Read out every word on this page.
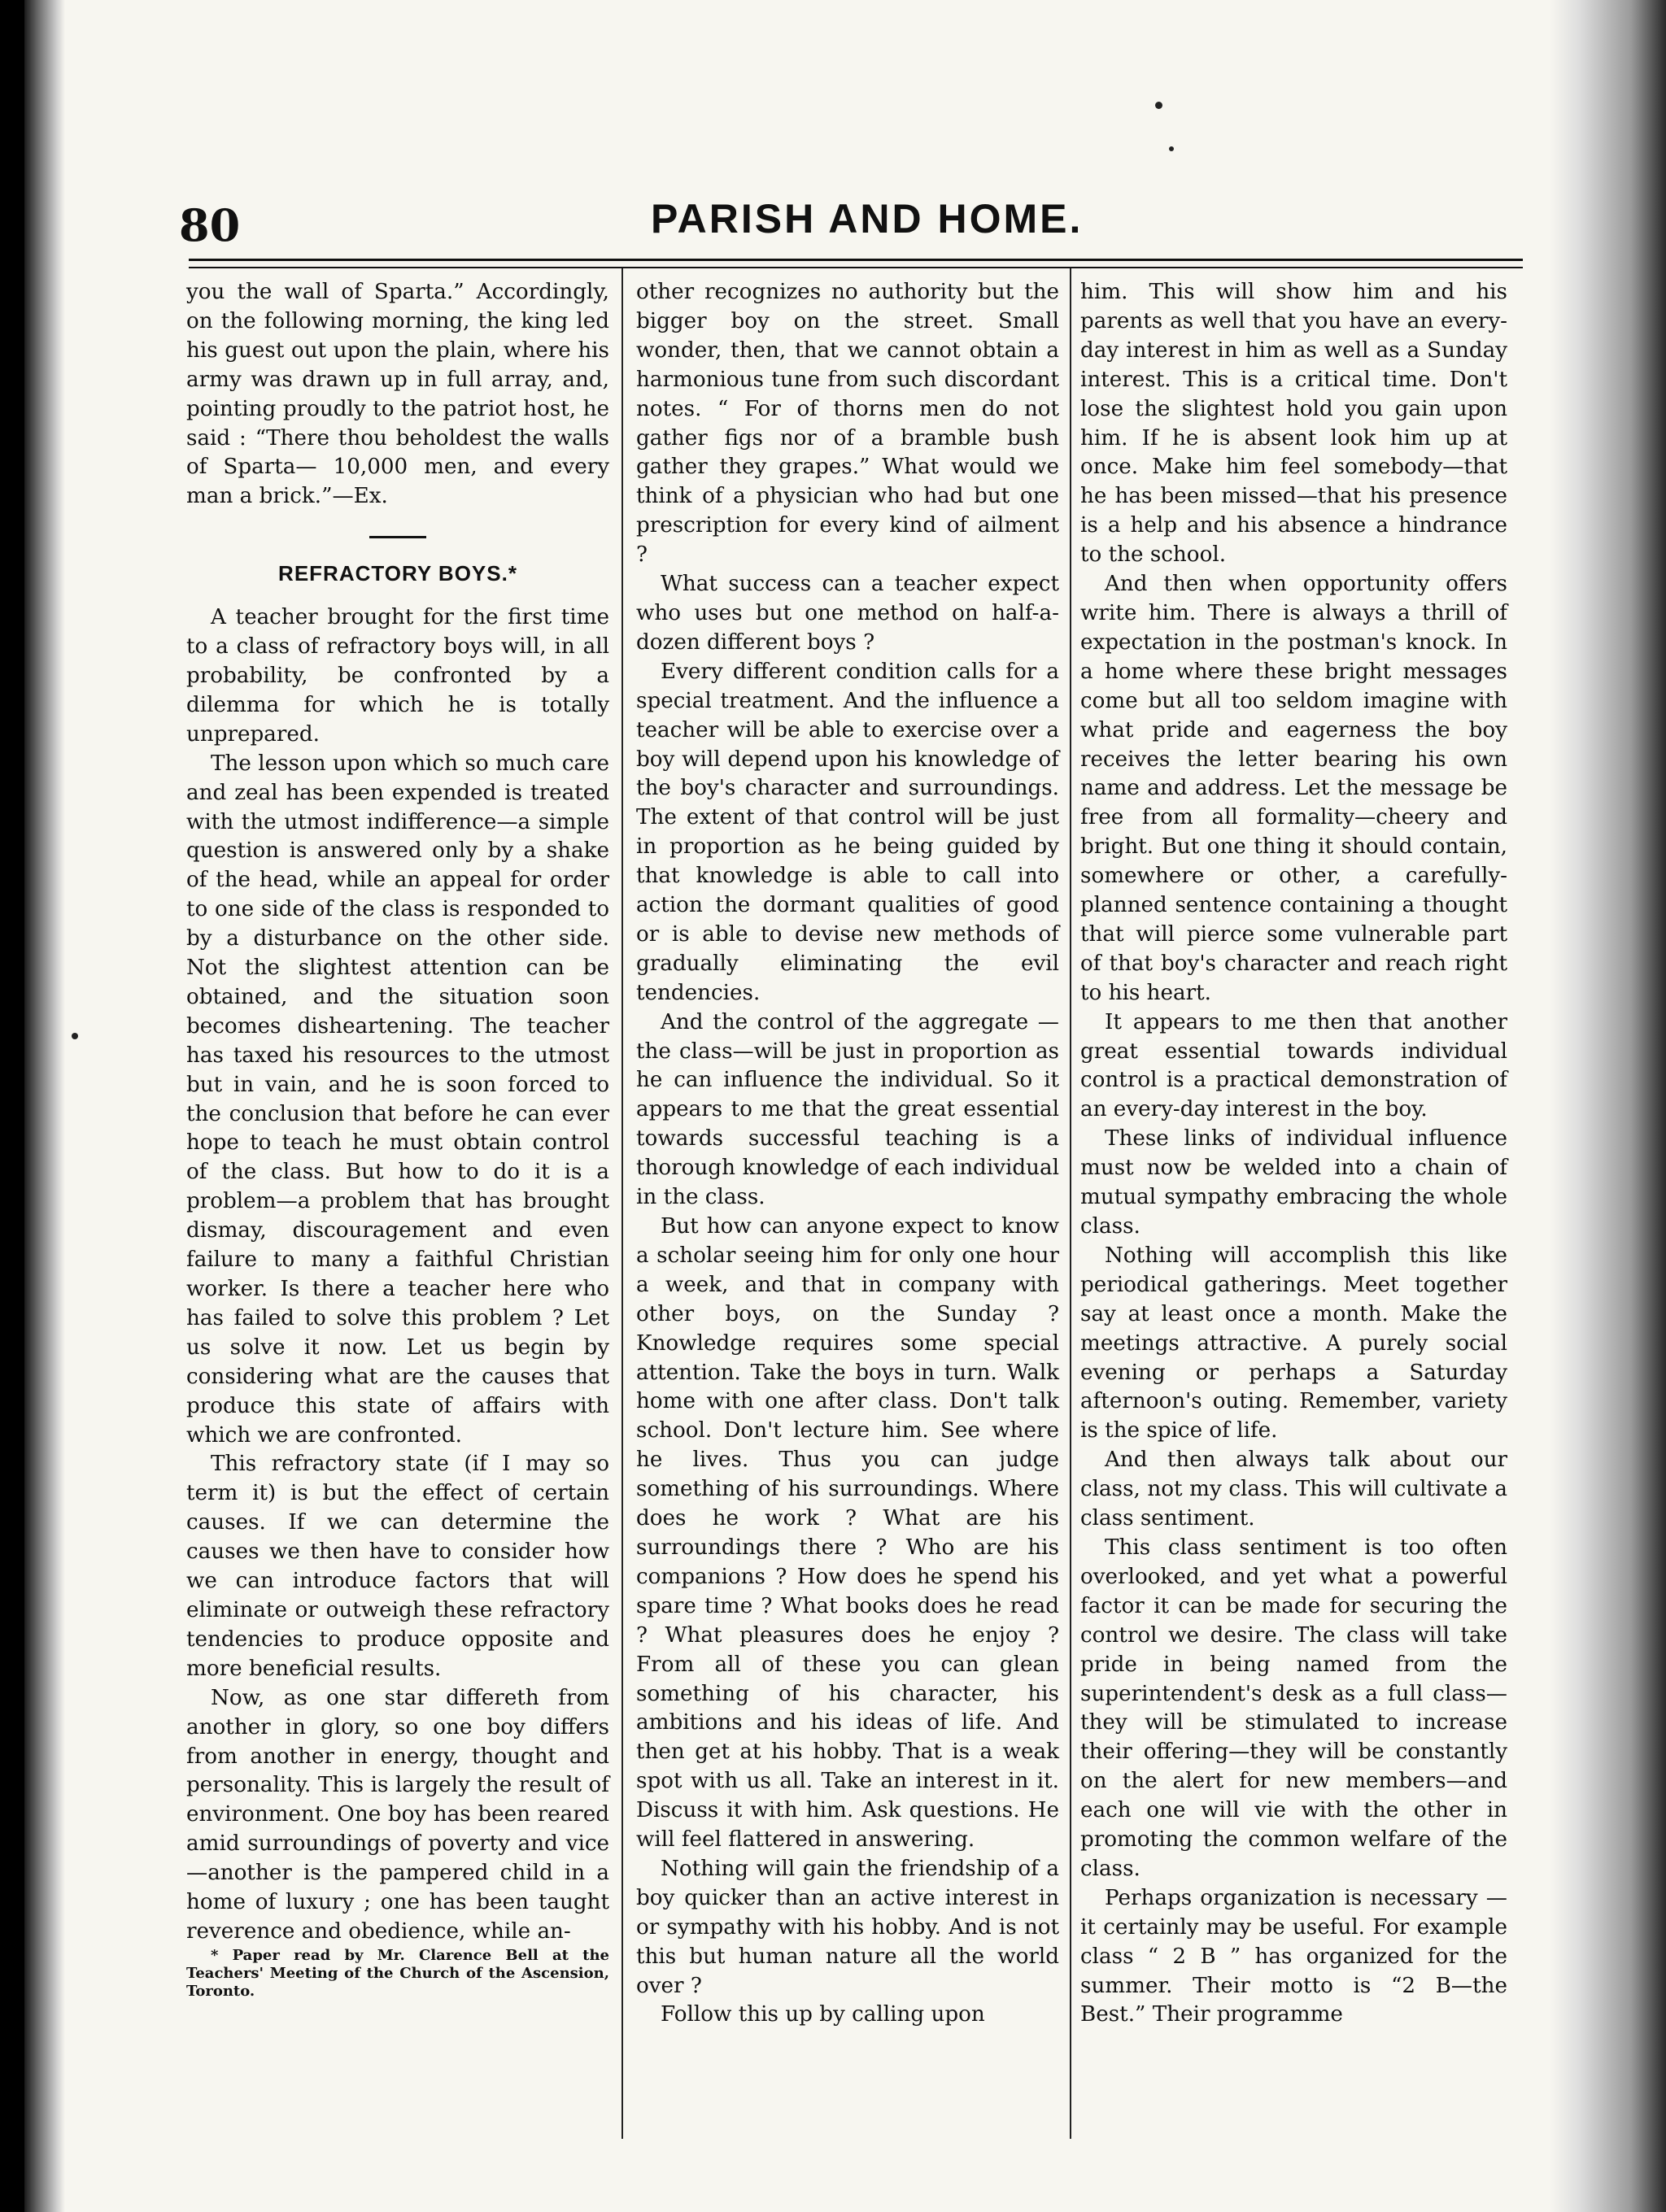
80	PARISH AND HOME.

you the wall of Sparta.” Accordingly, on the following morning, the king led his guest out upon the plain, where his army was drawn up in full array, and, pointing proudly to the patriot host, he said : “There thou beholdest the walls of Sparta— 10,000 men, and every man a brick.”—Ex.

REFRACTORY BOYS.*

A teacher brought for the first time to a class of refractory boys will, in all probability, be confronted by a dilemma for which he is totally unprepared.

The lesson upon which so much care and zeal has been expended is treated with the utmost indifference—a simple question is answered only by a shake of the head, while an appeal for order to one side of the class is responded to by a disturbance on the other side. Not the slightest attention can be obtained, and the situation soon becomes disheartening. The teacher has taxed his resources to the utmost but in vain, and he is soon forced to the conclusion that before he can ever hope to teach he must obtain control of the class. But how to do it is a problem—a problem that has brought dismay, discouragement and even failure to many a faithful Christian worker. Is there a teacher here who has failed to solve this problem ? Let us solve it now. Let us begin by considering what are the causes that produce this state of affairs with which we are confronted.

This refractory state (if I may so term it) is but the effect of certain causes. If we can determine the causes we then have to consider how we can introduce factors that will eliminate or outweigh these refractory tendencies to produce opposite and more beneficial results.

Now, as one star differeth from another in glory, so one boy differs from another in energy, thought and personality. This is largely the result of environment. One boy has been reared amid surroundings of poverty and vice—another is the pampered child in a home of luxury ; one has been taught reverence and obedience, while an-

* Paper read by Mr. Clarence Bell at the Teachers' Meeting of the Church of the Ascension, Toronto.

other recognizes no authority but the bigger boy on the street. Small wonder, then, that we cannot obtain a harmonious tune from such discordant notes. “ For of thorns men do not gather figs nor of a bramble bush gather they grapes.” What would we think of a physician who had but one prescription for every kind of ailment ?

What success can a teacher expect who uses but one method on half-a-dozen different boys ?

Every different condition calls for a special treatment. And the influence a teacher will be able to exercise over a boy will depend upon his knowledge of the boy's character and surroundings. The extent of that control will be just in proportion as he being guided by that knowledge is able to call into action the dormant qualities of good or is able to devise new methods of gradually eliminating the evil tendencies.

And the control of the aggregate —the class—will be just in proportion as he can influence the individual. So it appears to me that the great essential towards successful teaching is a thorough knowledge of each individual in the class.

But how can anyone expect to know a scholar seeing him for only one hour a week, and that in company with other boys, on the Sunday ? Knowledge requires some special attention. Take the boys in turn. Walk home with one after class. Don't talk school. Don't lecture him. See where he lives. Thus you can judge something of his surroundings. Where does he work ? What are his surroundings there ? Who are his companions ? How does he spend his spare time ? What books does he read ? What pleasures does he enjoy ? From all of these you can glean something of his character, his ambitions and his ideas of life. And then get at his hobby. That is a weak spot with us all. Take an interest in it. Discuss it with him. Ask questions. He will feel flattered in answering.

Nothing will gain the friendship of a boy quicker than an active interest in or sympathy with his hobby. And is not this but human nature all the world over ?

Follow this up by calling upon

him. This will show him and his parents as well that you have an every-day interest in him as well as a Sunday interest. This is a critical time. Don't lose the slightest hold you gain upon him. If he is absent look him up at once. Make him feel somebody—that he has been missed—that his presence is a help and his absence a hindrance to the school.

And then when opportunity offers write him. There is always a thrill of expectation in the postman's knock. In a home where these bright messages come but all too seldom imagine with what pride and eagerness the boy receives the letter bearing his own name and address. Let the message be free from all formality—cheery and bright. But one thing it should contain, somewhere or other, a carefully-planned sentence containing a thought that will pierce some vulnerable part of that boy's character and reach right to his heart.

It appears to me then that another great essential towards individual control is a practical demonstration of an every-day interest in the boy.

These links of individual influence must now be welded into a chain of mutual sympathy embracing the whole class.

Nothing will accomplish this like periodical gatherings. Meet together say at least once a month. Make the meetings attractive. A purely social evening or perhaps a Saturday afternoon's outing. Remember, variety is the spice of life.

And then always talk about our class, not my class. This will cultivate a class sentiment.

This class sentiment is too often overlooked, and yet what a powerful factor it can be made for securing the control we desire. The class will take pride in being named from the superintendent's desk as a full class—they will be stimulated to increase their offering—they will be constantly on the alert for new members—and each one will vie with the other in promoting the common welfare of the class.

Perhaps organization is necessary —it certainly may be useful. For example class “ 2 B ” has organized for the summer. Their motto is “2 B—the Best.” Their programme
